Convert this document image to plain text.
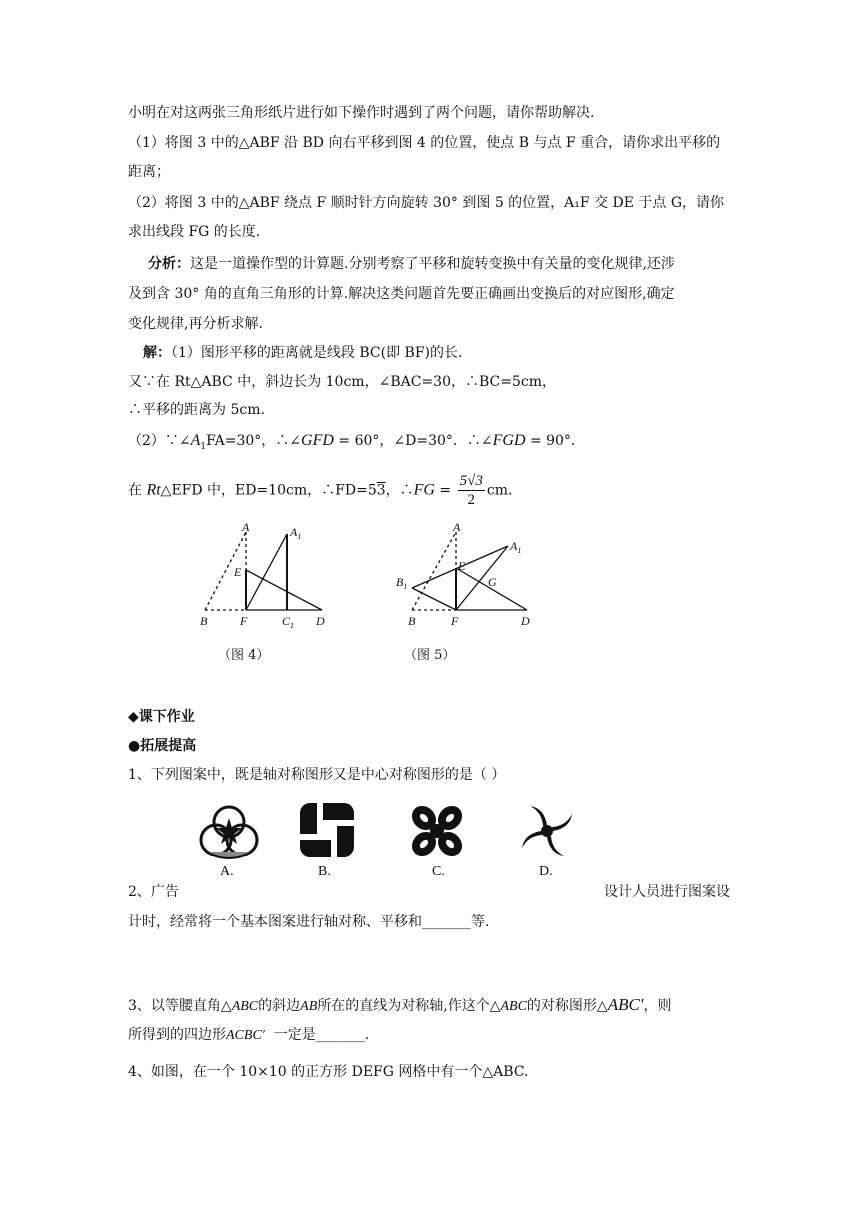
小明在对这两张三角形纸片进行如下操作时遇到了两个问题，请你帮助解决.
（1）将图 3 中的△ABF 沿 BD 向右平移到图 4 的位置，使点 B 与点 F 重合，请你求出平移的
距离；
（2）将图 3 中的△ABF 绕点 F 顺时针方向旋转 30° 到图 5 的位置，A₁F 交 DE 于点 G，请你
求出线段 FG 的长度.
分析：这是一道操作型的计算题.分别考察了平移和旋转变换中有关量的变化规律,还涉
及到含 30° 角的直角三角形的计算.解决这类问题首先要正确画出变换后的对应图形,确定
变化规律,再分析求解.
解：（1）图形平移的距离就是线段 BC(即 BF)的长.
又∵在 Rt△ABC 中，斜边长为 10cm，∠BAC=30，∴BC=5cm，
∴平移的距离为 5cm.
$(2)\because\angle A_1FA=30^\circ$，∴∠GFD = 60°，∠D=30°．∴∠FGD = 90°．
在 Rt△EFD 中，ED=10cm，∴FD=53，∴FG = $\frac{5√3}{2}$ cm.
A	$A_1$
E
B	F	$C_1$ D
（图 4）
A
$A_1$
E
$B_1$	G
B	F	D
（图 5）
◆课下作业
●拓展提高
1、下列图案中，既是轴对称图形又是中心对称图形的是（ ）
A.	B.	C.	D.
2、广告	设计人员进行图案设
计时，经常将一个基本图案进行轴对称、平移和_______等.
3、以等腰直角△ABC的斜边AB所在的直线为对称轴,作这个△ABC的对称图形△ABC′，则
所得到的四边形ACBC′ 一定是_______.
4、如图，在一个 10×10 的正方形 DEFG 网格中有一个△ABC.
